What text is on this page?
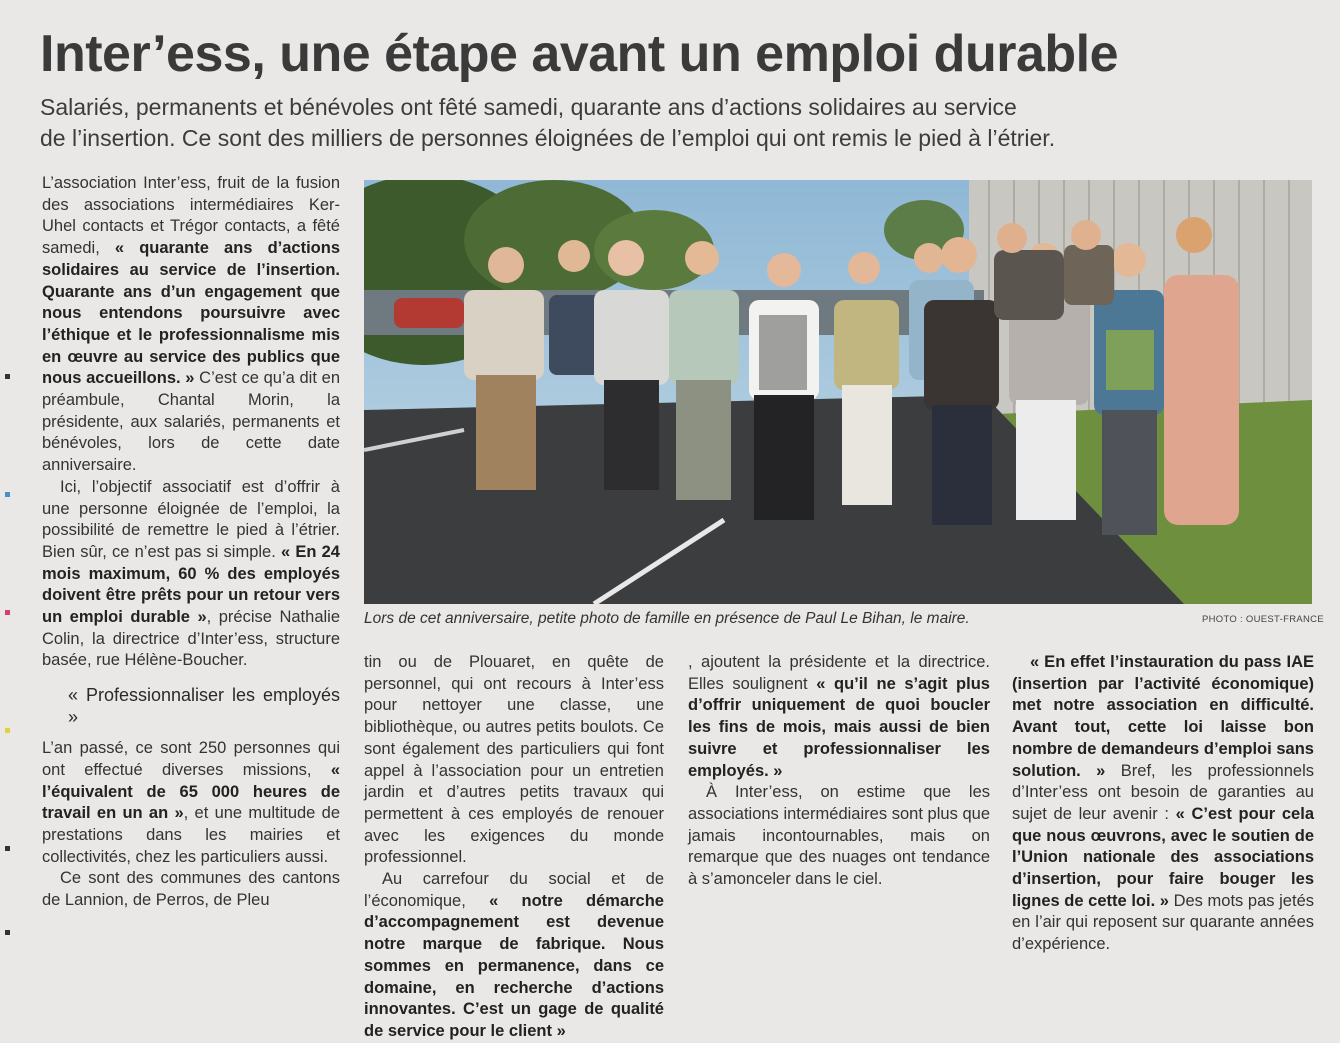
Inter’ess, une étape avant un emploi durable
Salariés, permanents et bénévoles ont fêté samedi, quarante ans d’actions solidaires au service
de l’insertion. Ce sont des milliers de personnes éloignées de l’emploi qui ont remis le pied à l’étrier.

L’association Inter’ess, fruit de la fusion des associations intermédiaires Ker-Uhel contacts et Trégor contacts, a fêté samedi, « quarante ans d’actions solidaires au service de l’insertion. Quarante ans d’un engagement que nous entendons poursuivre avec l’éthique et le professionnalisme mis en œuvre au service des publics que nous accueillons. » C’est ce qu’a dit en préambule, Chantal Morin, la présidente, aux salariés, permanents et bénévoles, lors de cette date anniversaire.

Ici, l’objectif associatif est d’offrir à une personne éloignée de l’emploi, la possibilité de remettre le pied à l’étrier. Bien sûr, ce n’est pas si simple. « En 24 mois maximum, 60 % des employés doivent être prêts pour un retour vers un emploi durable », précise Nathalie Colin, la directrice d’Inter’ess, structure basée, rue Hélène-Boucher.

« Professionnaliser les employés »

L’an passé, ce sont 250 personnes qui ont effectué diverses missions, « l’équivalent de 65 000 heures de travail en un an », et une multitude de prestations dans les mairies et collectivités, chez les particuliers aussi.

Ce sont des communes des cantons de Lannion, de Perros, de Pleu

Lors de cet anniversaire, petite photo de famille en présence de Paul Le Bihan, le maire.	PHOTO : OUEST-FRANCE

tin ou de Plouaret, en quête de personnel, qui ont recours à Inter’ess pour nettoyer une classe, une bibliothèque, ou autres petits boulots. Ce sont également des particuliers qui font appel à l’association pour un entretien jardin et d’autres petits travaux qui permettent à ces employés de renouer avec les exigences du monde professionnel.

Au carrefour du social et de l’économique, « notre démarche d’accompagnement est devenue notre marque de fabrique. Nous sommes en permanence, dans ce domaine, en recherche d’actions innovantes. C’est un gage de qualité de service pour le client »

, ajoutent la présidente et la directrice. Elles soulignent « qu’il ne s’agit plus d’offrir uniquement de quoi boucler les fins de mois, mais aussi de bien suivre et professionnaliser les employés. »

À Inter’ess, on estime que les associations intermédiaires sont plus que jamais incontournables, mais on remarque que des nuages ont tendance à s’amonceler dans le ciel.

« En effet l’instauration du pass IAE (insertion par l’activité économique) met notre association en difficulté. Avant tout, cette loi laisse bon nombre de demandeurs d’emploi sans solution. » Bref, les professionnels d’Inter’ess ont besoin de garanties au sujet de leur avenir : « C’est pour cela que nous œuvrons, avec le soutien de l’Union nationale des associations d’insertion, pour faire bouger les lignes de cette loi. » Des mots pas jetés en l’air qui reposent sur quarante années d’expérience.
